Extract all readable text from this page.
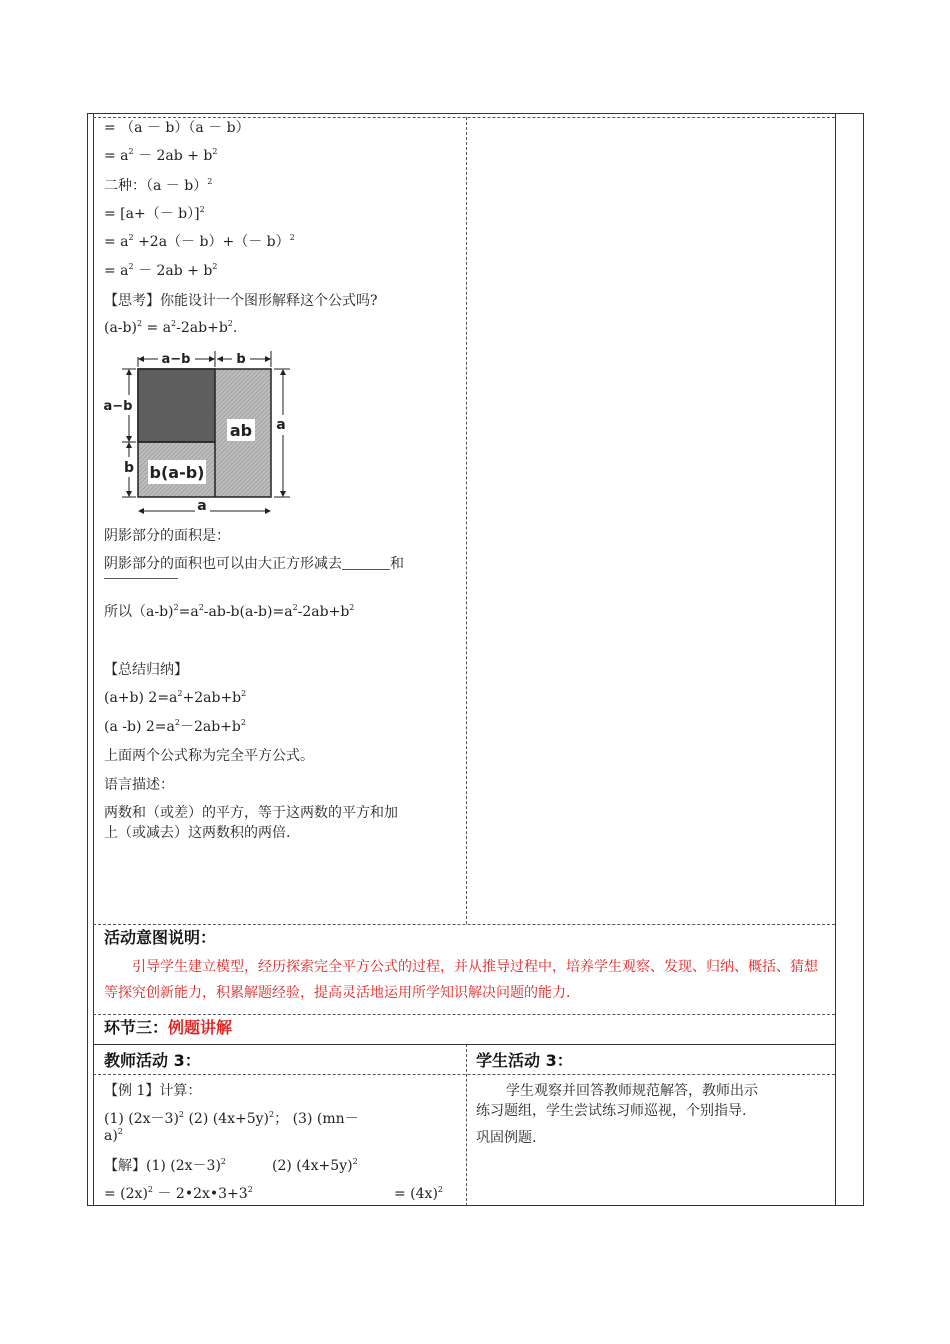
= （a － b）（a － b）
= $a^2 - 2ab + b^2$
二种：$(a - b)^2$
= $[a+(- b)]^2$
= $a^2 +2a(- b)+(- b)^2$
= $a^2 - 2ab + b^2$
【思考】你能设计一个图形解释这个公式吗?
$(a-b)^2 = a^2-2ab+b^2$.
a−b	b
a−b
b
a
a
ab
b(a-b)
阴影部分的面积是：
阴影部分的面积也可以由大正方形减去	和
所以$(a-b)^2=a^2-ab-b(a-b)=a^2-2ab+b^2$
【总结归纳】
(a+b) $2=a^2+2ab+b^2$
(a -b) $2=a^2-2ab+b^2$
上面两个公式称为完全平方公式。
语言描述：
两数和（或差）的平方，等于这两数的平方和加
上（或减去）这两数积的两倍.
活动意图说明：
引导学生建立模型，经历探索完全平方公式的过程，并从推导过程中，培养学生观察、发现、归纳、概括、猜想等探究创新能力，积累解题经验，提高灵活地运用所学知识解决问题的能力.
环节三：例题讲解
教师活动 3：
【例 1】计算：
(1) $(2x-3)^2$ (2) $(4x+5y)^2$； (3) (mn－
a)$^2$
【解】(1) $(2x-3)^2$	(2) $(4x+5y)^2$
= $(2x)^2$ － $2•2x•3+3^2$	= $(4x)^2$
学生活动 3：
学生观察并回答教师规范解答，教师出示
练习题组，学生尝试练习师巡视，个别指导.
巩固例题.
